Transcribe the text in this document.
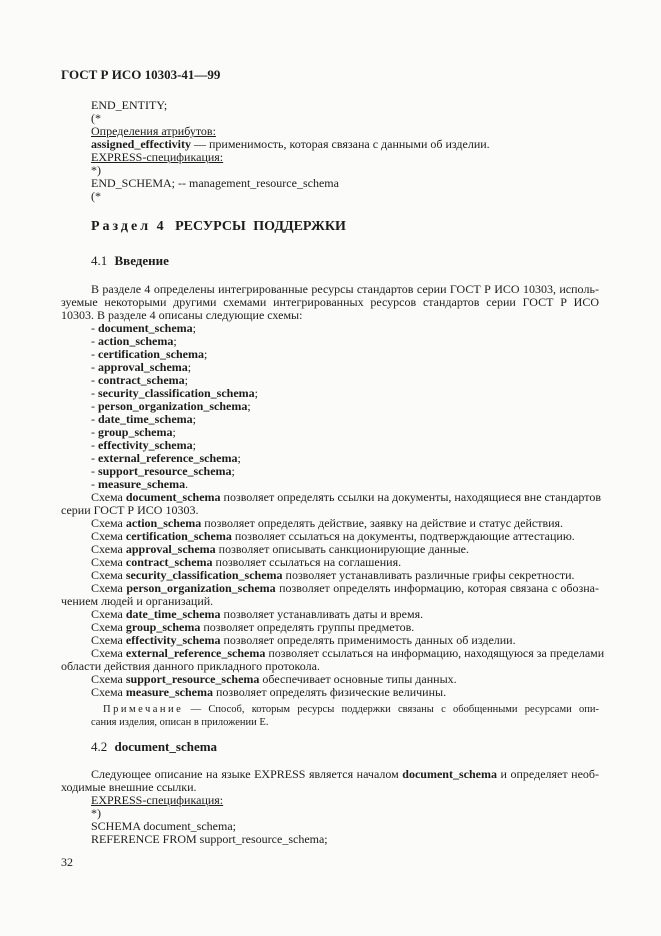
ГОСТ Р ИСО 10303-41—99
END_ENTITY;
(*
Определения атрибутов:
assigned_effectivity — применимость, которая связана с данными об изделии.
EXPRESS-спецификация:
*)
END_SCHEMA; -- management_resource_schema
(*
Раздел 4 РЕСУРСЫ ПОДДЕРЖКИ
4.1 Введение
В разделе 4 определены интегрированные ресурсы стандартов серии ГОСТ Р ИСО 10303, испoль-
зуемые некоторыми другими схемами интегрированных ресурсов стандартов серии ГОСТ Р ИСО
10303. В разделе 4 описаны следующие схемы:
- document_schema;
- action_schema;
- certification_schema;
- approval_schema;
- contract_schema;
- security_classification_schema;
- person_organization_schema;
- date_time_schema;
- group_schema;
- effectivity_schema;
- external_reference_schema;
- support_resource_schema;
- measure_schema.
Схема document_schema позволяет определять ссылки на документы, находящиеся вне стандартов
серии ГОСТ Р ИСО 10303.
Схема action_schema позволяет определять действие, заявку на действие и статус действия.
Схема certification_schema позволяет ссылаться на документы, подтверждающие аттестацию.
Схема approval_schema позволяет описывать санкционирующие данные.
Схема contract_schema позволяет ссылаться на соглашения.
Схема security_classification_schema позволяет устанавливать различные грифы секретности.
Схема person_organization_schema позволяет определять информацию, которая связана с обозна-
чением людей и организаций.
Схема date_time_schema позволяет устанавливать даты и время.
Схема group_schema позволяет определять группы предметов.
Схема effectivity_schema позволяет определять применимость данных об изделии.
Схема external_reference_schema позволяет ссылаться на информацию, находящуюся за пределами
области действия данного прикладного протокола.
Схема support_resource_schema обеспечивает основные типы данных.
Схема measure_schema позволяет определять физические величины.
Примечание — Способ, которым ресурсы поддержки связаны с обобщенными ресурсами опи-
сания изделия, описан в приложении Е.
4.2 document_schema
Следующее описание на языке EXPRESS является началом document_schema и определяет необ-
ходимые внешние ссылки.
EXPRESS-спецификация:
*)
SCHEMA document_schema;
REFERENCE FROM support_resource_schema;
32
